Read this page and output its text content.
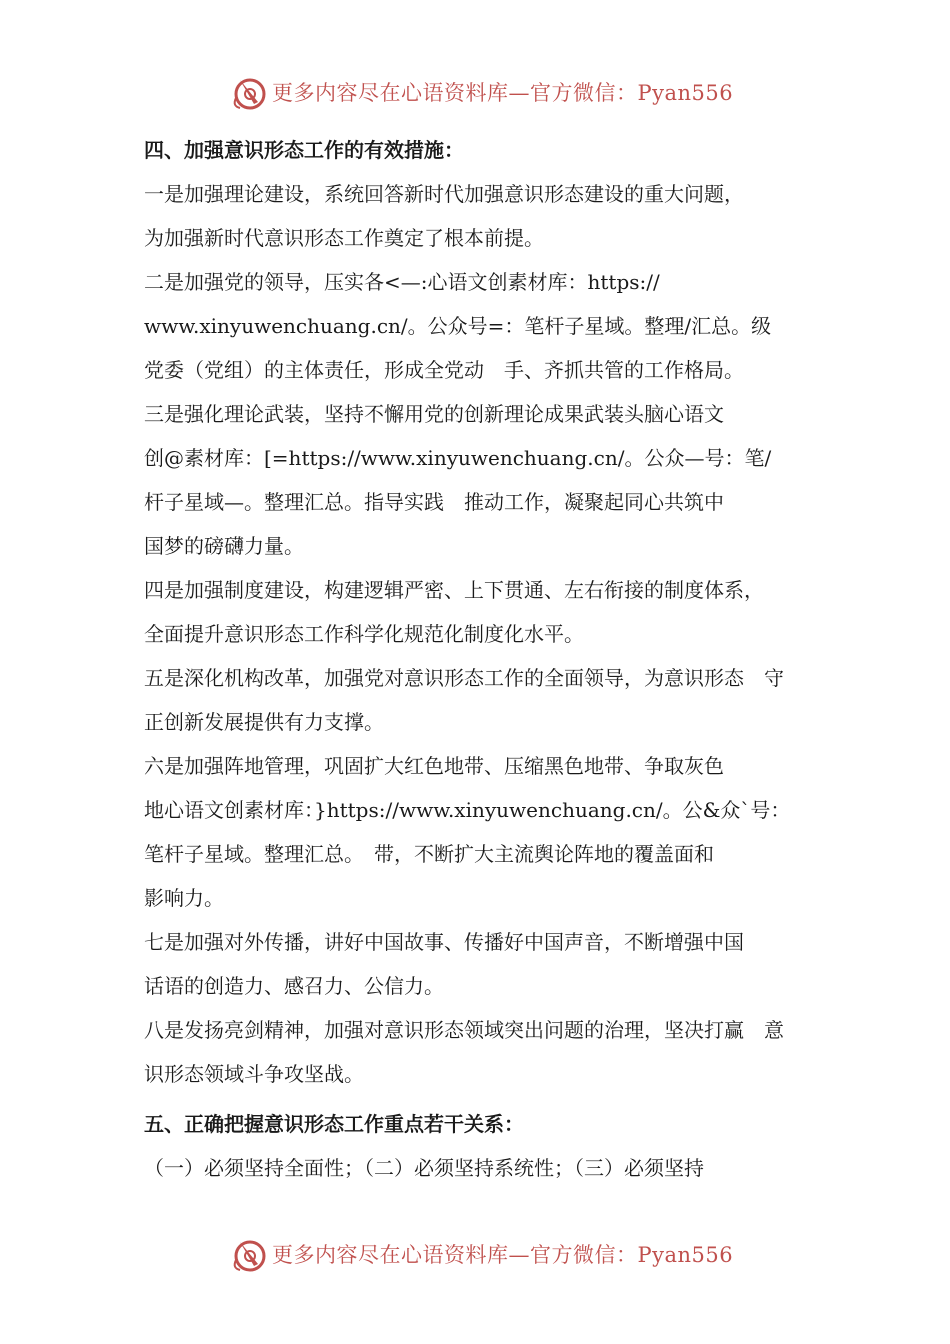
更多内容尽在心语资料库—官方微信：Pyan556

四、加强意识形态工作的有效措施：

一是加强理论建设，系统回答新时代加强意识形态建设的重大问题，

为加强新时代意识形态工作奠定了根本前提。

二是加强党的领导，压实各<—:心语文创素材库：https://

www.xinyuwenchuang.cn/。公众号=：笔杆子星域。整理/汇总。级

党委（党组）的主体责任，形成全党动　手、齐抓共管的工作格局。

三是强化理论武装，坚持不懈用党的创新理论成果武装头脑心语文

创@素材库：[=https://www.xinyuwenchuang.cn/。公众—号：笔/

杆子星域—。整理汇总。指导实践　推动工作，凝聚起同心共筑中

国梦的磅礴力量。

四是加强制度建设，构建逻辑严密、上下贯通、左右衔接的制度体系，

全面提升意识形态工作科学化规范化制度化水平。

五是深化机构改革，加强党对意识形态工作的全面领导，为意识形态　守

正创新发展提供有力支撑。

六是加强阵地管理，巩固扩大红色地带、压缩黑色地带、争取灰色

地心语文创素材库：}https://www.xinyuwenchuang.cn/。公&众`号：

笔杆子星域。整理汇总。　带，不断扩大主流舆论阵地的覆盖面和

影响力。

七是加强对外传播，讲好中国故事、传播好中国声音，不断增强中国

话语的创造力、感召力、公信力。

八是发扬亮剑精神，加强对意识形态领域突出问题的治理，坚决打赢　意

识形态领域斗争攻坚战。

五、正确把握意识形态工作重点若干关系：

（一）必须坚持全面性；（二）必须坚持系统性；（三）必须坚持

更多内容尽在心语资料库—官方微信：Pyan556
